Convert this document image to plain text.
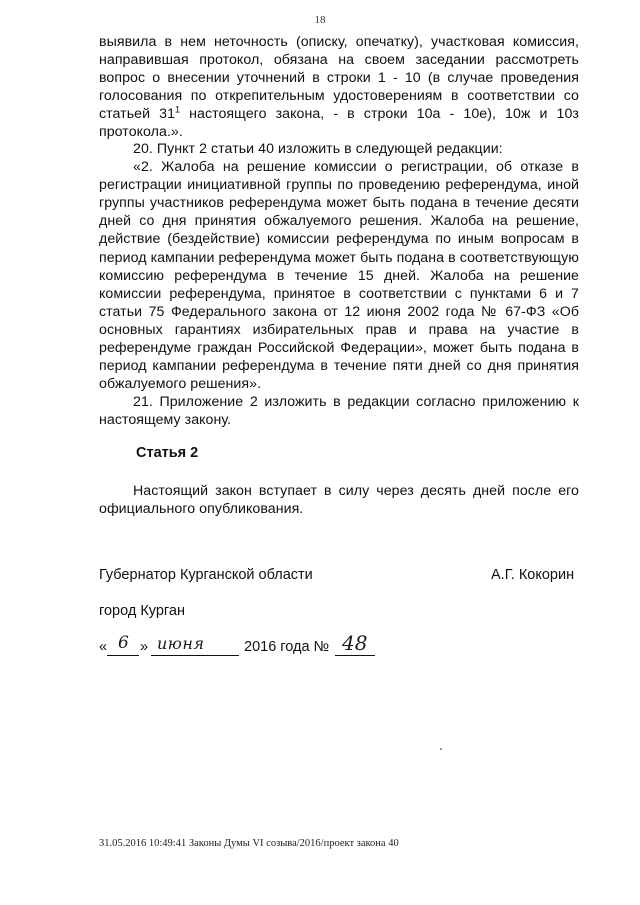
18

выявила в нем неточность (описку, опечатку), участковая комиссия, направившая протокол, обязана на своем заседании рассмотреть вопрос о внесении уточнений в строки 1 - 10 (в случае проведения голосования по открепительным удостоверениям в соответствии со статьей $31^1$ настоящего закона, - в строки 10а - 10е), 10ж и 10з протокола.».

20. Пункт 2 статьи 40 изложить в следующей редакции:

«2. Жалоба на решение комиссии о регистрации, об отказе в регистрации инициативной группы по проведению референдума, иной группы участников референдума может быть подана в течение десяти дней со дня принятия обжалуемого решения. Жалоба на решение, действие (бездействие) комиссии референдума по иным вопросам в период кампании референдума может быть подана в соответствующую комиссию референдума в течение 15 дней. Жалоба на решение комиссии референдума, принятое в соответствии с пунктами 6 и 7 статьи 75 Федерального закона от 12 июня 2002 года № 67-ФЗ «Об основных гарантиях избирательных прав и права на участие в референдуме граждан Российской Федерации», может быть подана в период кампании референдума в течение пяти дней со дня принятия обжалуемого решения».

21. Приложение 2 изложить в редакции согласно приложению к настоящему закону.

Статья 2

Настоящий закон вступает в силу через десять дней после его официального опубликования.

Губернатор Курганской области	А.Г. Кокорин
город Курган
« 6 » июня	2016 года № 48
31.05.2016 10:49:41 Законы Думы VI созыва/2016/проект закона 40
